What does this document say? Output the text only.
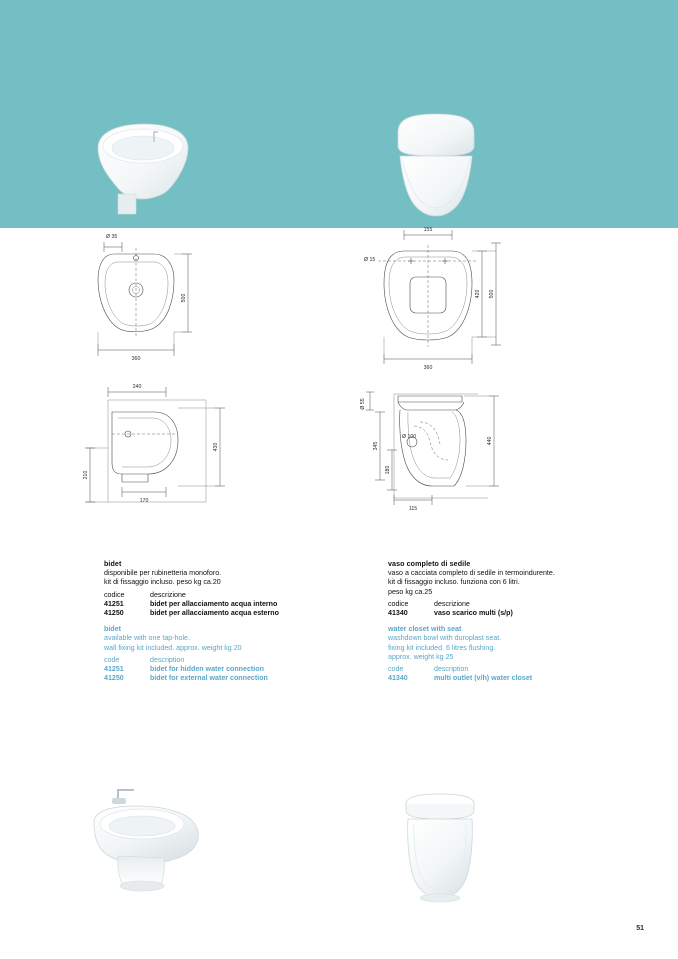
Ø 35
500
360
155
Ø 15
420 500
360
240
430
210
170
Ø 55
Ø 100
345
180
440
115
bidet
disponibile per rubinetteria monoforo.
kit di fissaggio incluso. peso kg ca.20
codice	descrizione
41251	bidet per allacciamento acqua interno
41250	bidet per allacciamento acqua esterno
bidet
available with one tap-hole.
wall fixing kit included. approx. weight kg 20
code	description
41251	bidet for hidden water connection
41250	bidet for external water connection
vaso completo di sedile
vaso a cacciata completo di sedile in termoindurente.
kit di fissaggio incluso. funziona con 6 litri.
peso kg ca.25
codice	descrizione
41340	vaso scarico multi (s/p)
water closet with seat
washdown bowl with duroplast seat.
fixing kit included. 6 litres flushing.
approx. weight kg 25
code	description
41340	multi outlet (v/h) water closet
51
